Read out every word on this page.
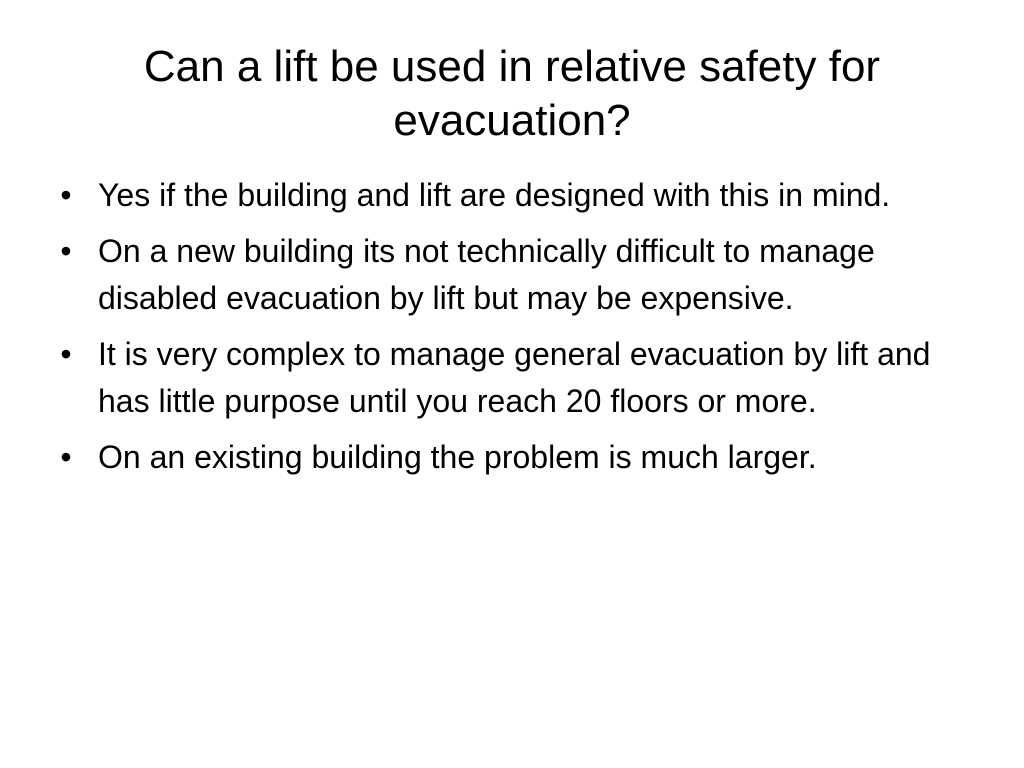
Can a lift be used in relative safety for evacuation?
• Yes if the building and lift are designed with this in mind.
• On a new building its not technically difficult to manage disabled evacuation by lift but may be expensive.
• It is very complex to manage general evacuation by lift and has little purpose until you reach 20 floors or more.
• On an existing building the problem is much larger.
